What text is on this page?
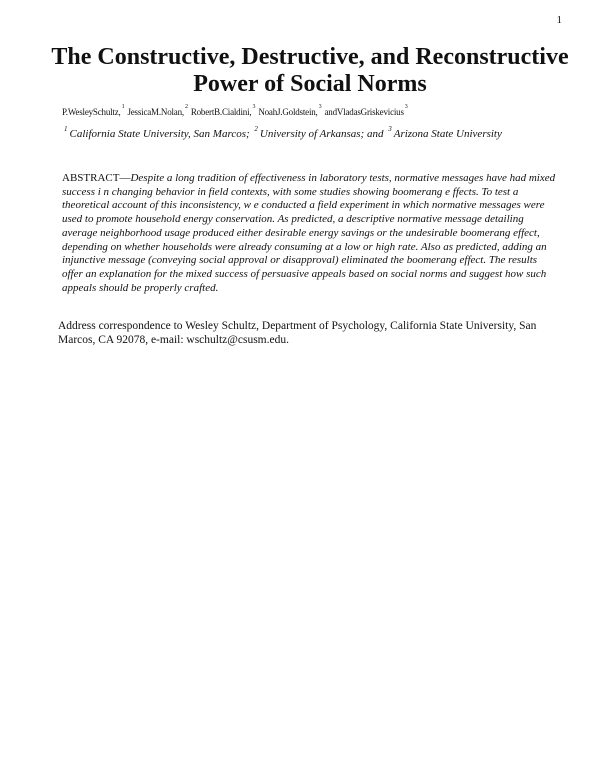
1
The Constructive, Destructive, and Reconstructive
Power of Social Norms
P.WesleySchultz,$^1$ JessicaM.Nolan,$^2$ RobertB.Cialdini,$^3$ NoahJ.Goldstein,$^3$ andVladasGriskevicius$^3$
$^1$ California State University, San Marcos; $^2$ University of Arkansas; and $^3$ Arizona State University

ABSTRACT—Despite a long tradition of effectiveness in laboratory tests, normative messages have had mixed success i n changing behavior in field contexts, with some studies showing boomerang e ffects. To test a theoretical account of this inconsistency, w e conducted a field experiment in which normative messages were used to promote household energy conservation. As predicted, a descriptive normative message detailing average neighborhood usage produced either desirable energy savings or the undesirable boomerang effect, depending on whether households were already consuming at a low or high rate. Also as predicted, adding an injunctive message (conveying social approval or disapproval) eliminated the boomerang effect. The results offer an explanation for the mixed success of persuasive appeals based on social norms and suggest how such appeals should be properly crafted.

Address correspondence to Wesley Schultz, Department of Psychology, California State University, San Marcos, CA 92078, e-mail: wschultz@csusm.edu.
